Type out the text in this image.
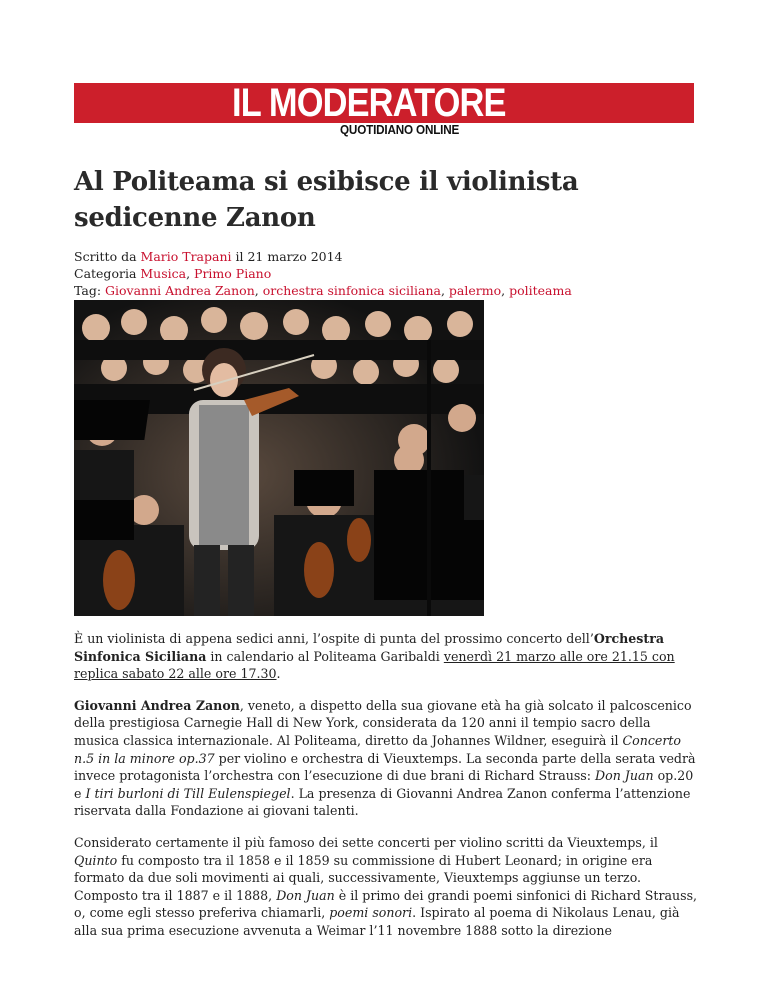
IL MODERATORE
QUOTIDIANO ONLINE
Al Politeama si esibisce il violinista sedicenne Zanon
Scritto da Mario Trapani il 21 marzo 2014
Categoria Musica, Primo Piano
Tag: Giovanni Andrea Zanon, orchestra sinfonica siciliana, palermo, politeama

È un violinista di appena sedici anni, l’ospite di punta del prossimo concerto dell’Orchestra Sinfonica Siciliana in calendario al Politeama Garibaldi venerdì 21 marzo alle ore 21.15 con replica sabato 22 alle ore 17.30.

Giovanni Andrea Zanon, veneto, a dispetto della sua giovane età ha già solcato il palcoscenico della prestigiosa Carnegie Hall di New York, considerata da 120 anni il tempio sacro della musica classica internazionale. Al Politeama, diretto da Johannes Wildner, eseguirà il Concerto n.5 in la minore op.37 per violino e orchestra di Vieuxtemps. La seconda parte della serata vedrà invece protagonista l’orchestra con l’esecuzione di due brani di Richard Strauss: Don Juan op.20 e I tiri burloni di Till Eulenspiegel. La presenza di Giovanni Andrea Zanon conferma l’attenzione riservata dalla Fondazione ai giovani talenti.

Considerato certamente il più famoso dei sette concerti per violino scritti da Vieuxtemps, il Quinto fu composto tra il 1858 e il 1859 su commissione di Hubert Leonard; in origine era formato da due soli movimenti ai quali, successivamente, Vieuxtemps aggiunse un terzo. Composto tra il 1887 e il 1888, Don Juan è il primo dei grandi poemi sinfonici di Richard Strauss, o, come egli stesso preferiva chiamarli, poemi sonori. Ispirato al poema di Nikolaus Lenau, già alla sua prima esecuzione avvenuta a Weimar l’11 novembre 1888 sotto la direzione
